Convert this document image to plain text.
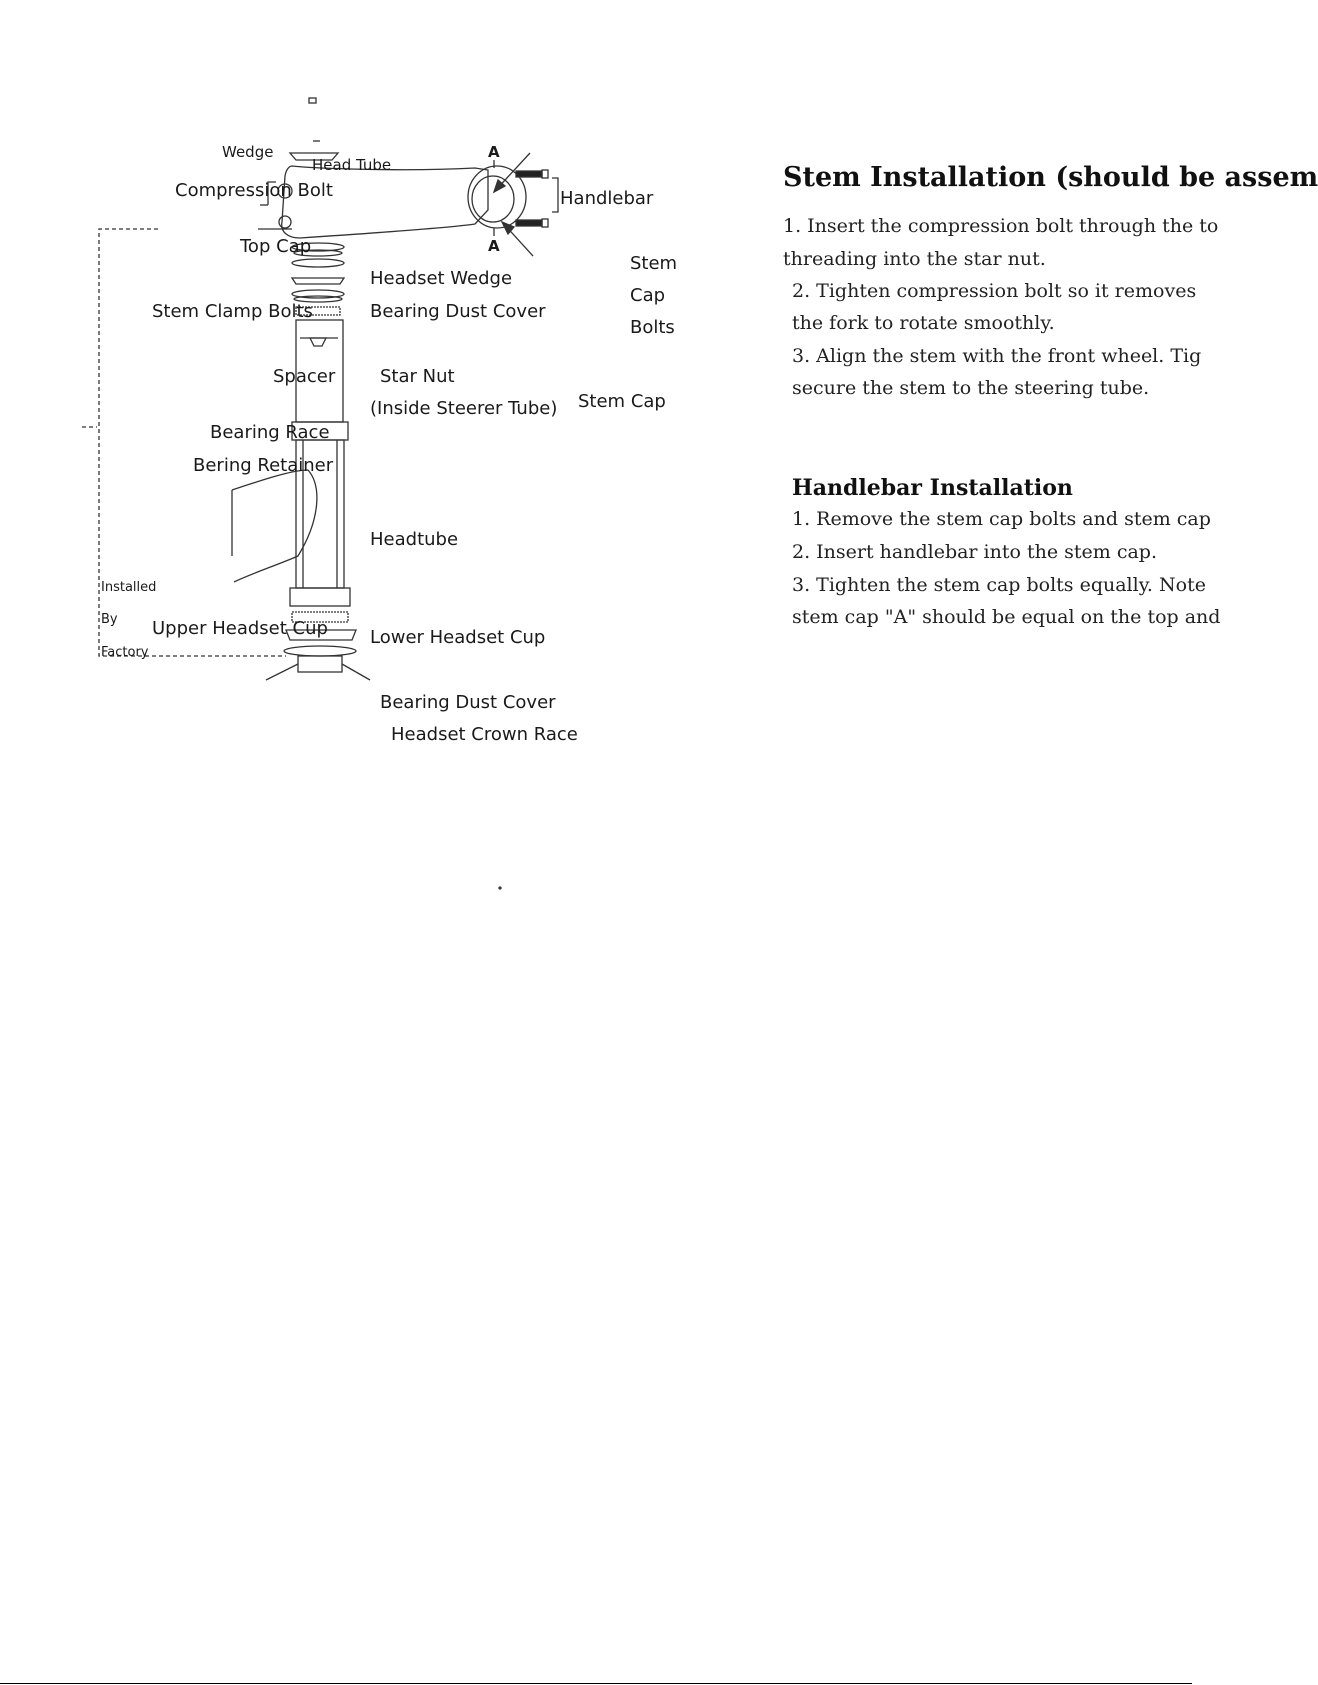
Wedge
Head Tube
Compression Bolt
A
A
Handlebar
Top Cap
Stem
Cap
Bolts
Headset Wedge
Stem Clamp Bolts	Bearing Dust Cover
Spacer Star Nut
(Inside Steerer Tube) Stem Cap
Bearing Race
Bering Retainer
Headtube
Installed
By
Factory
Upper Headset Cup Lower Headset Cup
Bearing Dust Cover
Headset Crown Race
Stem Installation (should be assem
1. Insert the compression bolt through the to
threading into the star nut.
2. Tighten compression bolt so it removes
the fork to rotate smoothly.
3. Align the stem with the front wheel. Tig
secure the stem to the steering tube.
Handlebar Installation
1. Remove the stem cap bolts and stem cap
2. Insert handlebar into the stem cap.
3. Tighten the stem cap bolts equally. Note
stem cap "A" should be equal on the top and
